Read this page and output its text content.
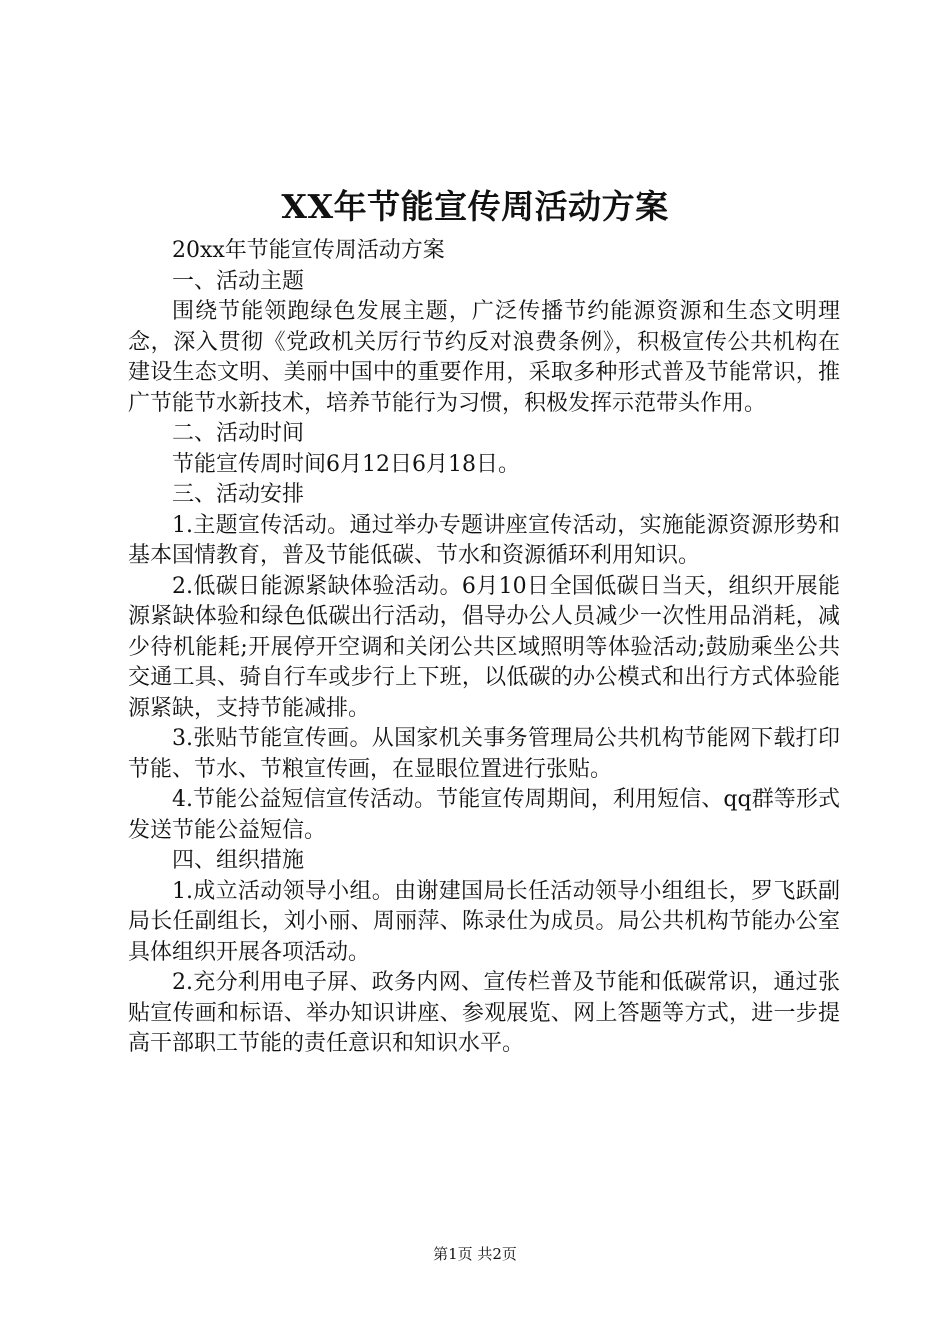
XX年节能宣传周活动方案

20xx年节能宣传周活动方案

一、活动主题

围绕节能领跑绿色发展主题，广泛传播节约能源资源和生态文明理念，深入贯彻《党政机关厉行节约反对浪费条例》，积极宣传公共机构在建设生态文明、美丽中国中的重要作用，采取多种形式普及节能常识，推广节能节水新技术，培养节能行为习惯，积极发挥示范带头作用。

二、活动时间

节能宣传周时间6月12日6月18日。

三、活动安排

1.主题宣传活动。通过举办专题讲座宣传活动，实施能源资源形势和基本国情教育，普及节能低碳、节水和资源循环利用知识。

2.低碳日能源紧缺体验活动。6月10日全国低碳日当天，组织开展能源紧缺体验和绿色低碳出行活动，倡导办公人员减少一次性用品消耗，减少待机能耗;开展停开空调和关闭公共区域照明等体验活动;鼓励乘坐公共交通工具、骑自行车或步行上下班，以低碳的办公模式和出行方式体验能源紧缺，支持节能减排。

3.张贴节能宣传画。从国家机关事务管理局公共机构节能网下载打印节能、节水、节粮宣传画，在显眼位置进行张贴。

4.节能公益短信宣传活动。节能宣传周期间，利用短信、qq群等形式发送节能公益短信。

四、组织措施

1.成立活动领导小组。由谢建国局长任活动领导小组组长，罗飞跃副局长任副组长，刘小丽、周丽萍、陈录仕为成员。局公共机构节能办公室具体组织开展各项活动。

2.充分利用电子屏、政务内网、宣传栏普及节能和低碳常识，通过张贴宣传画和标语、举办知识讲座、参观展览、网上答题等方式，进一步提高干部职工节能的责任意识和知识水平。

第1页 共2页
